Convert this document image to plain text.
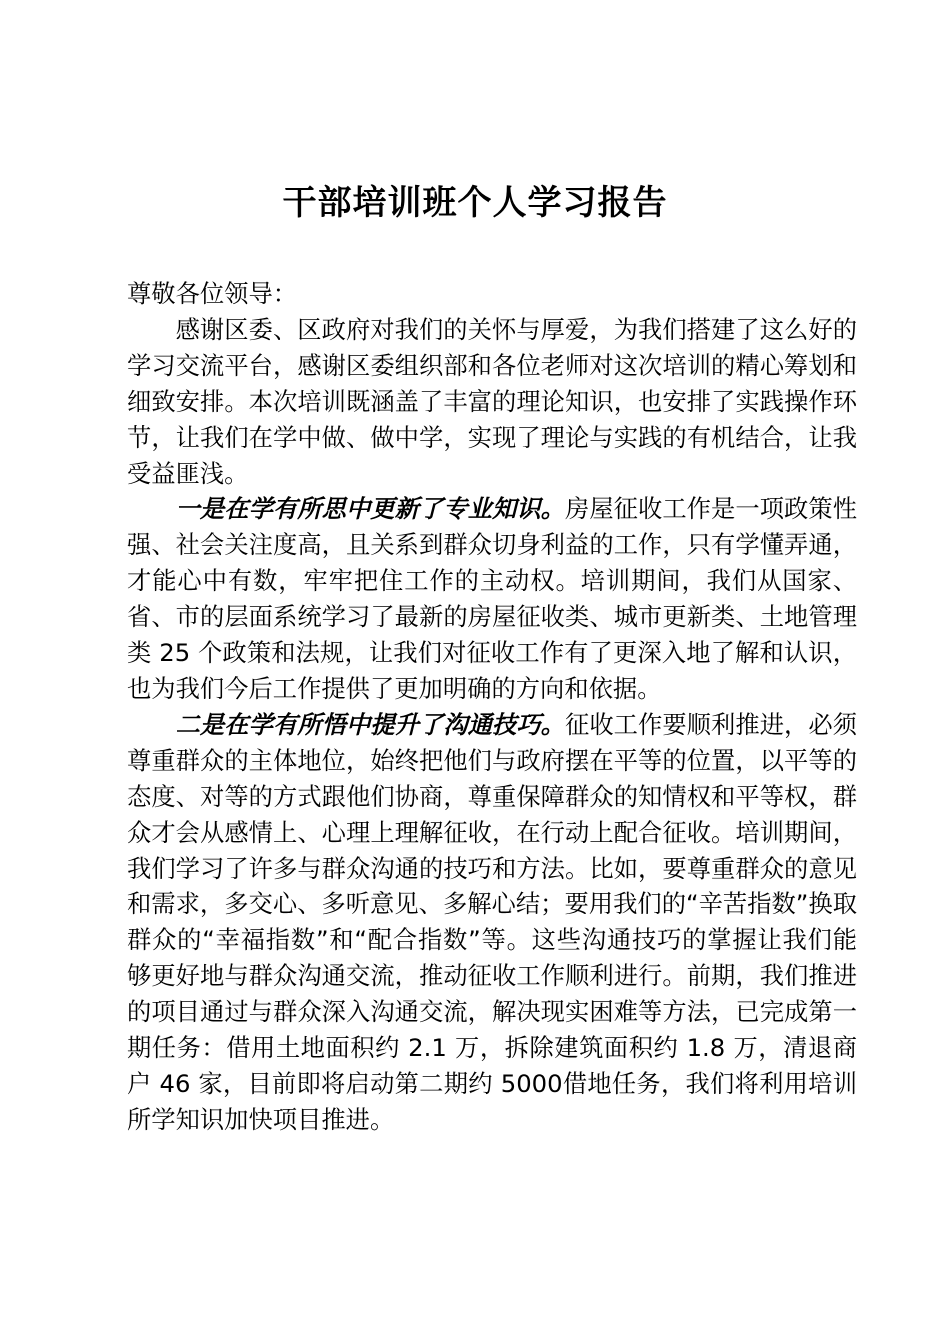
干部培训班个人学习报告

尊敬各位领导：

感谢区委、区政府对我们的关怀与厚爱，为我们搭建了这么好的学习交流平台，感谢区委组织部和各位老师对这次培训的精心筹划和细致安排。本次培训既涵盖了丰富的理论知识，也安排了实践操作环节，让我们在学中做、做中学，实现了理论与实践的有机结合，让我受益匪浅。

一是在学有所思中更新了专业知识。房屋征收工作是一项政策性强、社会关注度高，且关系到群众切身利益的工作，只有学懂弄通，才能心中有数，牢牢把住工作的主动权。培训期间，我们从国家、省、市的层面系统学习了最新的房屋征收类、城市更新类、土地管理类 25 个政策和法规，让我们对征收工作有了更深入地了解和认识，也为我们今后工作提供了更加明确的方向和依据。

二是在学有所悟中提升了沟通技巧。征收工作要顺利推进，必须尊重群众的主体地位，始终把他们与政府摆在平等的位置，以平等的态度、对等的方式跟他们协商，尊重保障群众的知情权和平等权，群众才会从感情上、心理上理解征收，在行动上配合征收。培训期间，我们学习了许多与群众沟通的技巧和方法。比如，要尊重群众的意见和需求，多交心、多听意见、多解心结；要用我们的“辛苦指数”换取群众的“幸福指数”和“配合指数”等。这些沟通技巧的掌握让我们能够更好地与群众沟通交流，推动征收工作顺利进行。前期，我们推进的项目通过与群众深入沟通交流，解决现实困难等方法，已完成第一期任务：借用土地面积约 2.1 万，拆除建筑面积约 1.8 万，清退商户 46 家，目前即将启动第二期约 5000借地任务，我们将利用培训所学知识加快项目推进。
